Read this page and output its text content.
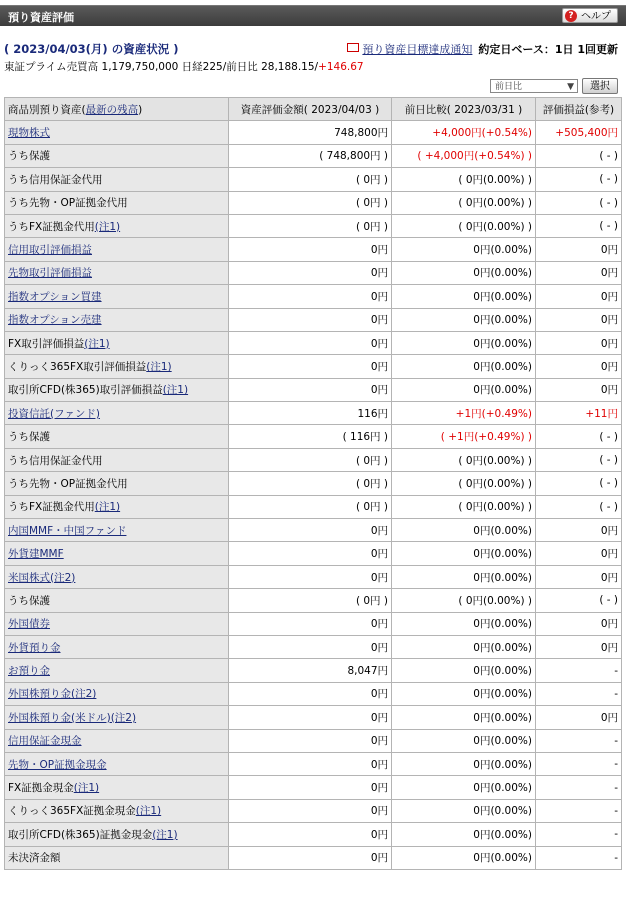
預り資産評価	? ヘルプ
( 2023/04/03(月) の資産状況 )	預り資産目標達成通知 約定日ベース：1日 1回更新
東証プライム売買高 1,179,750,000 日経225/前日比 28,188.15/+146.67
前日比	▼	選択
商品別預り資産(最新の残高)	資産評価金額( 2023/04/03 )	前日比較( 2023/03/31 )	評価損益(参考)
現物株式	748,800円	+4,000円(+0.54%)	+505,400円
うち保護	( 748,800円 )	( +4,000円(+0.54%) )	( - )
うち信用保証金代用	( 0円 )	( 0円(0.00%) )	( - )
うち先物・OP証拠金代用	( 0円 )	( 0円(0.00%) )	( - )
うちFX証拠金代用(注1)	( 0円 )	( 0円(0.00%) )	( - )
信用取引評価損益	0円	0円(0.00%)	0円
先物取引評価損益	0円	0円(0.00%)	0円
指数オプション買建	0円	0円(0.00%)	0円
指数オプション売建	0円	0円(0.00%)	0円
FX取引評価損益(注1)	0円	0円(0.00%)	0円
くりっく365FX取引評価損益(注1)	0円	0円(0.00%)	0円
取引所CFD(株365)取引評価損益(注1)	0円	0円(0.00%)	0円
投資信託(ファンド)	116円	+1円(+0.49%)	+11円
うち保護	( 116円 )	( +1円(+0.49%) )	( - )
うち信用保証金代用	( 0円 )	( 0円(0.00%) )	( - )
うち先物・OP証拠金代用	( 0円 )	( 0円(0.00%) )	( - )
うちFX証拠金代用(注1)	( 0円 )	( 0円(0.00%) )	( - )
内国MMF・中国ファンド	0円	0円(0.00%)	0円
外貨建MMF	0円	0円(0.00%)	0円
米国株式(注2)	0円	0円(0.00%)	0円
うち保護	( 0円 )	( 0円(0.00%) )	( - )
外国債券	0円	0円(0.00%)	0円
外貨預り金	0円	0円(0.00%)	0円
お預り金	8,047円	0円(0.00%)	-
外国株預り金(注2)	0円	0円(0.00%)	-
外国株預り金(米ドル)(注2)	0円	0円(0.00%)	0円
信用保証金現金	0円	0円(0.00%)	-
先物・OP証拠金現金	0円	0円(0.00%)	-
FX証拠金現金(注1)	0円	0円(0.00%)	-
くりっく365FX証拠金現金(注1)	0円	0円(0.00%)	-
取引所CFD(株365)証拠金現金(注1)	0円	0円(0.00%)	-
未決済金額	0円	0円(0.00%)	-
